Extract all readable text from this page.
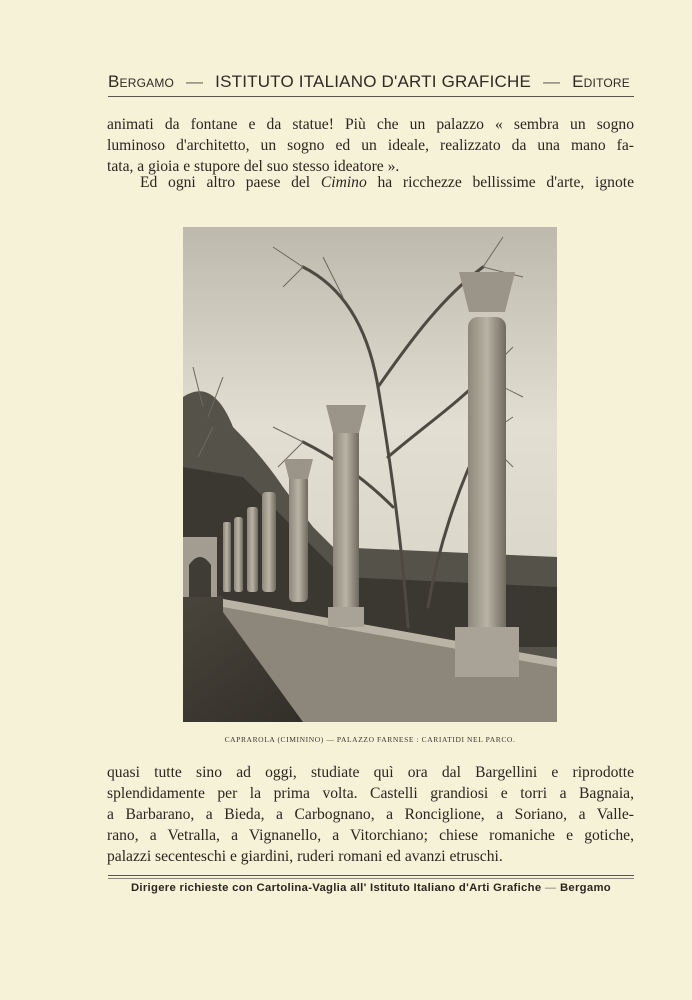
Bergamo — ISTITUTO ITALIANO D'ARTI GRAFICHE — Editore
animati da fontane e da statue! Più che un palazzo « sembra un sogno
luminoso d'architetto, un sogno ed un ideale, realizzato da una mano fa-
tata, a gioia e stupore del suo stesso ideatore ».
Ed ogni altro paese del Cimino ha ricchezze bellissime d'arte, ignote
CAPRAROLA (CIMININO) — PALAZZO FARNESE : CARIATIDI NEL PARCO.
quasi tutte sino ad oggi, studiate quì ora dal Bargellini e riprodotte
splendidamente per la prima volta. Castelli grandiosi e torri a Bagnaia,
a Barbarano, a Bieda, a Carbognano, a Ronciglione, a Soriano, a Valle-
rano, a Vetralla, a Vignanello, a Vitorchiano; chiese romaniche e gotiche,
palazzi secenteschi e giardini, ruderi romani ed avanzi etruschi.
Dirigere richieste con Cartolina-Vaglia all' Istituto Italiano d'Arti Grafiche — Bergamo
